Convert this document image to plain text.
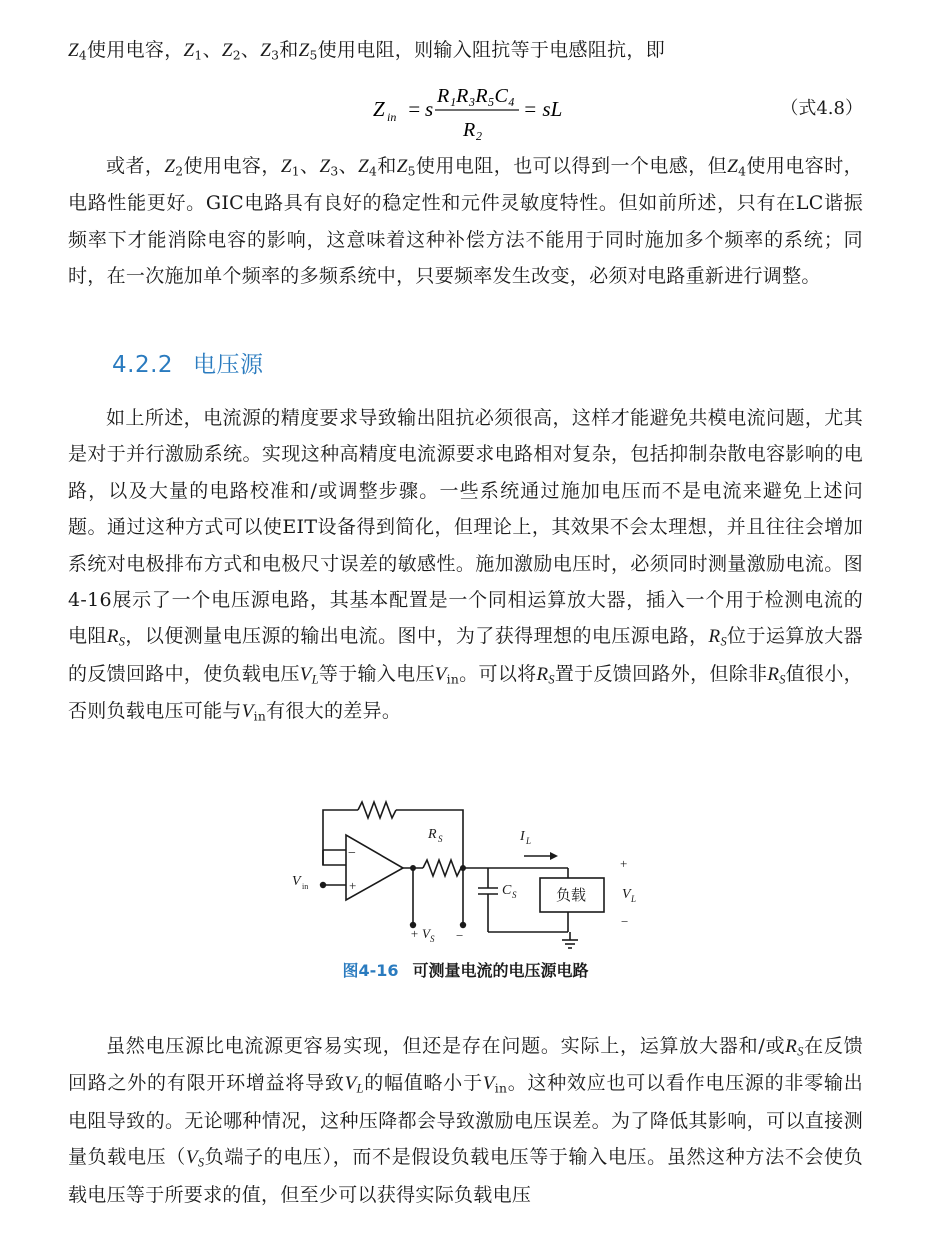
$Z_4$使用电容，$Z_1$、$Z_2$、$Z_3$和$Z_5$使用电阻，则输入阻抗等于电感阻抗，即

Z in = s
R₁R₃R₅C₄
R₂
= sL	（式4.8）

或者，$Z_2$使用电容，$Z_1$、$Z_3$、$Z_4$和$Z_5$使用电阻，也可以得到一个电感，但$Z_4$使用电容时，电路性能更好。GIC电路具有良好的稳定性和元件灵敏度特性。但如前所述，只有在LC谐振频率下才能消除电容的影响，这意味着这种补偿方法不能用于同时施加多个频率的系统；同时，在一次施加单个频率的多频系统中，只要频率发生改变，必须对电路重新进行调整。

4.2.2 电压源

如上所述，电流源的精度要求导致输出阻抗必须很高，这样才能避免共模电流问题，尤其是对于并行激励系统。实现这种高精度电流源要求电路相对复杂，包括抑制杂散电容影响的电路，以及大量的电路校准和/或调整步骤。一些系统通过施加电压而不是电流来避免上述问题。通过这种方式可以使EIT设备得到简化，但理论上，其效果不会太理想，并且往往会增加系统对电极排布方式和电极尺寸误差的敏感性。施加激励电压时，必须同时测量激励电流。图4-16展示了一个电压源电路，其基本配置是一个同相运算放大器，插入一个用于检测电流的电阻$R_S$，以便测量电压源的输出电流。图中，为了获得理想的电压源电路，$R_S$位于运算放大器的反馈回路中，使负载电压$V_L$等于输入电压$V_{in}$。可以将$R_S$置于反馈回路外，但除非$R_S$值很小，否则负载电压可能与$V_{in}$有很大的差异。

−
+
V in
R S	I L
C S	负载
+
V L
−
+ V S −
图4-16 可测量电流的电压源电路

虽然电压源比电流源更容易实现，但还是存在问题。实际上，运算放大器和/或$R_S$在反馈回路之外的有限开环增益将导致$V_L$的幅值略小于$V_{in}$。这种效应也可以看作电压源的非零输出电阻导致的。无论哪种情况，这种压降都会导致激励电压误差。为了降低其影响，可以直接测量负载电压（$V_S$负端子的电压），而不是假设负载电压等于输入电压。虽然这种方法不会使负载电压等于所要求的值，但至少可以获得实际负载电压
